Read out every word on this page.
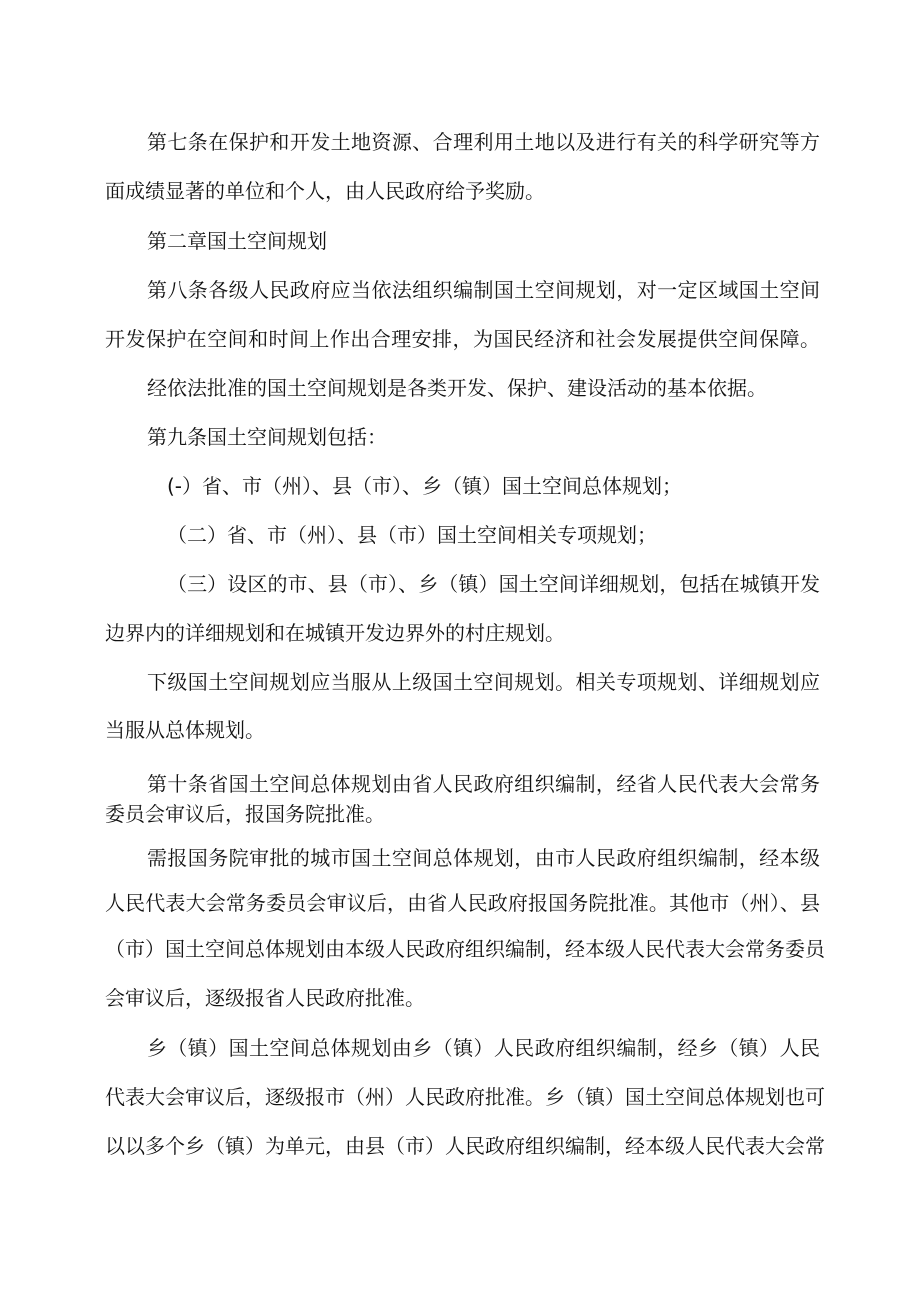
第七条在保护和开发土地资源、合理利用土地以及进行有关的科学研究等方
面成绩显著的单位和个人，由人民政府给予奖励。
第二章国土空间规划
第八条各级人民政府应当依法组织编制国土空间规划，对一定区域国土空间
开发保护在空间和时间上作出合理安排，为国民经济和社会发展提供空间保障。
经依法批准的国土空间规划是各类开发、保护、建设活动的基本依据。
第九条国土空间规划包括：
(-）省、市（州）、县（市）、乡（镇）国土空间总体规划；
（二）省、市（州）、县（市）国土空间相关专项规划；
（三）设区的市、县（市）、乡（镇）国土空间详细规划，包括在城镇开发
边界内的详细规划和在城镇开发边界外的村庄规划。
下级国土空间规划应当服从上级国土空间规划。相关专项规划、详细规划应
当服从总体规划。
第十条省国土空间总体规划由省人民政府组织编制，经省人民代表大会常务
委员会审议后，报国务院批准。
需报国务院审批的城市国土空间总体规划，由市人民政府组织编制，经本级
人民代表大会常务委员会审议后，由省人民政府报国务院批准。其他市（州）、县
（市）国土空间总体规划由本级人民政府组织编制，经本级人民代表大会常务委员
会审议后，逐级报省人民政府批准。
乡（镇）国土空间总体规划由乡（镇）人民政府组织编制，经乡（镇）人民
代表大会审议后，逐级报市（州）人民政府批准。乡（镇）国土空间总体规划也可
以以多个乡（镇）为单元，由县（市）人民政府组织编制，经本级人民代表大会常
